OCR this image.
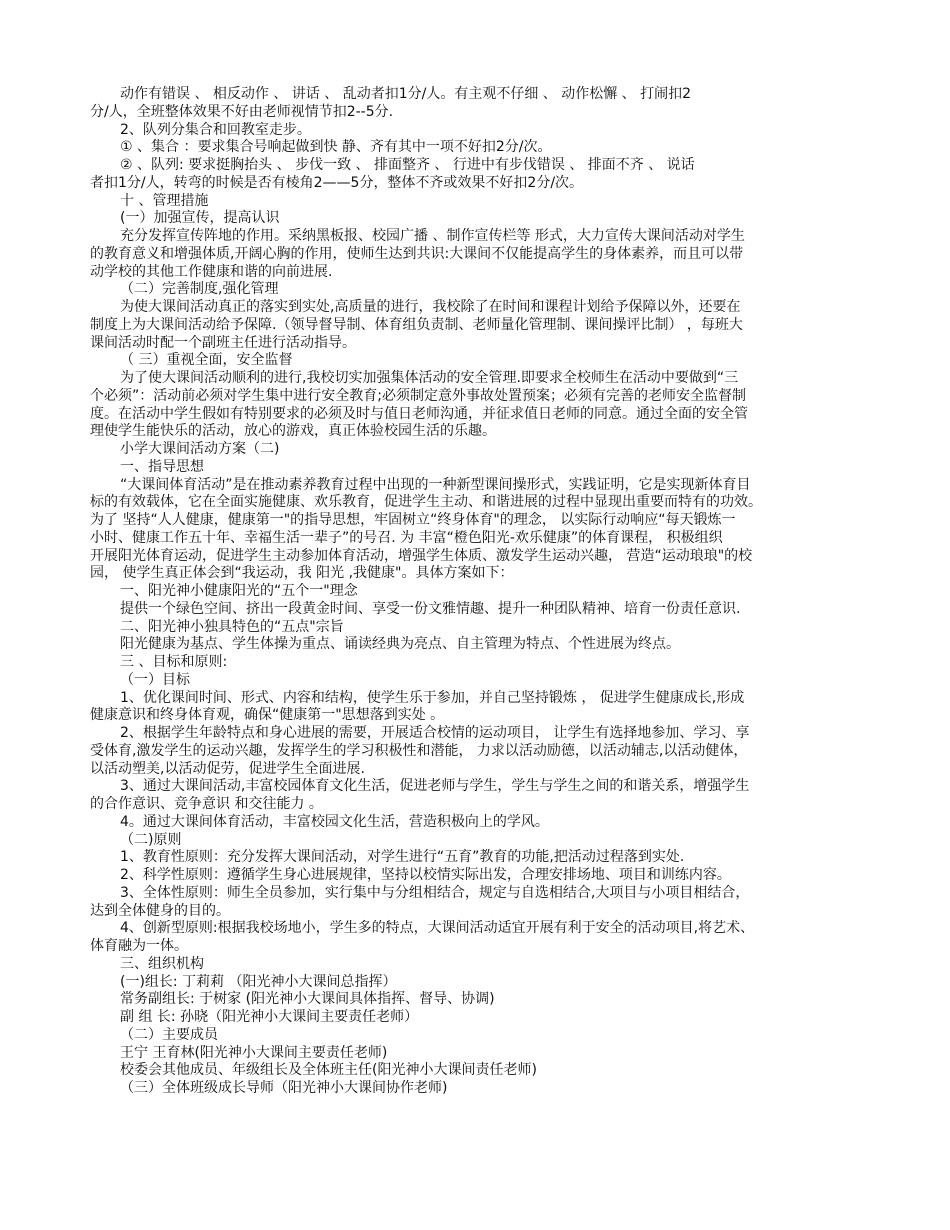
动作有错误 、 相反动作 、 讲话 、 乱动者扣1分/人。有主观不仔细 、 动作松懈 、 打闹扣2
分/人，全班整体效果不好由老师视情节扣2--5分.
2、队列分集合和回教室走步。
① 、集合 ：要求集合号响起做到快 静、齐有其中一项不好扣2分/次。
② 、队列: 要求挺胸抬头 、 步伐一致 、 排面整齐 、 行进中有步伐错误 、 排面不齐 、 说话
者扣1分/人，转弯的时候是否有棱角2——5分，整体不齐或效果不好扣2分/次。
十 、管理措施
(一）加强宣传，提高认识
充分发挥宣传阵地的作用。采纳黑板报、校园广播 、制作宣传栏等 形式，大力宣传大课间活动对学生
的教育意义和增强体质,开阔心胸的作用，使师生达到共识:大课间不仅能提高学生的身体素养，而且可以带
动学校的其他工作健康和谐的向前进展.
（二）完善制度,强化管理
为使大课间活动真正的落实到实处,高质量的进行，我校除了在时间和课程计划给予保障以外，还要在
制度上为大课间活动给予保障.（领导督导制、体育组负责制、老师量化管理制、课间操评比制） ，每班大
课间活动时配一个副班主任进行活动指导。
（ 三）重视全面，安全监督
为了使大课间活动顺利的进行,我校切实加强集体活动的安全管理.即要求全校师生在活动中要做到“三
个必须”：活动前必须对学生集中进行安全教育;必须制定意外事故处置预案；必须有完善的老师安全监督制
度。在活动中学生假如有特别要求的必须及时与值日老师沟通，并征求值日老师的同意。通过全面的安全管
理使学生能快乐的活动，放心的游戏，真正体验校园生活的乐趣。
小学大课间活动方案（二)
一、指导思想
“大课间体育活动”是在推动素养教育过程中出现的一种新型课间操形式，实践证明，它是实现新体育目
标的有效载体，它在全面实施健康、欢乐教育，促进学生主动、和谐进展的过程中显现出重要而特有的功效。
为了 坚持“人人健康，健康第一"的指导思想，牢固树立“终身体育"的理念， 以实际行动响应“每天锻炼一
小时、健康工作五十年、幸福生活一辈子”的号召. 为 丰富“橙色阳光-欢乐健康”的体育课程， 积极组织
开展阳光体育运动，促进学生主动参加体育活动，增强学生体质、激发学生运动兴趣， 营造“运动琅琅"的校
园， 使学生真正体会到“我运动，我 阳光 ,我健康"。具体方案如下：
一、阳光神小健康阳光的“五个一"理念
提供一个绿色空间、挤出一段黄金时间、享受一份文雅情趣、提升一种团队精神、培育一份责任意识.
二、阳光神小独具特色的“五点"宗旨
阳光健康为基点、学生体操为重点、诵读经典为亮点、自主管理为特点、个性进展为终点。
三 、目标和原则:
（一）目标
1、优化课间时间、形式、内容和结构，使学生乐于参加，并自己坚持锻炼 ， 促进学生健康成长,形成
健康意识和终身体育观，确保“健康第一"思想落到实处 。
2、根据学生年龄特点和身心进展的需要，开展适合校情的运动项目， 让学生有选择地参加、学习、享
受体育,激发学生的运动兴趣，发挥学生的学习积极性和潜能， 力求以活动励德，以活动辅志,以活动健体，
以活动塑美,以活动促劳，促进学生全面进展.
3、通过大课间活动,丰富校园体育文化生活，促进老师与学生，学生与学生之间的和谐关系，增强学生
的合作意识、竞争意识 和交往能力 。
4。通过大课间体育活动，丰富校园文化生活，营造积极向上的学风。
（二)原则
1、教育性原则：充分发挥大课间活动，对学生进行“五育”教育的功能,把活动过程落到实处.
2、科学性原则：遵循学生身心进展规律，坚持以校情实际出发，合理安排场地、项目和训练内容。
3、全体性原则：师生全员参加，实行集中与分组相结合，规定与自选相结合,大项目与小项目相结合，
达到全体健身的目的。
4、创新型原则:根据我校场地小，学生多的特点，大课间活动适宜开展有利于安全的活动项目,将艺术、
体育融为一体。
三、组织机构
(一)组长: 丁莉莉 （阳光神小大课间总指挥）
常务副组长: 于树家 (阳光神小大课间具体指挥、督导、协调)
副 组 长: 孙晓（阳光神小大课间主要责任老师）
（二）主要成员
王宁 王育林(阳光神小大课间主要责任老师)
校委会其他成员、年级组长及全体班主任(阳光神小大课间责任老师)
（三）全体班级成长导师（阳光神小大课间协作老师)
